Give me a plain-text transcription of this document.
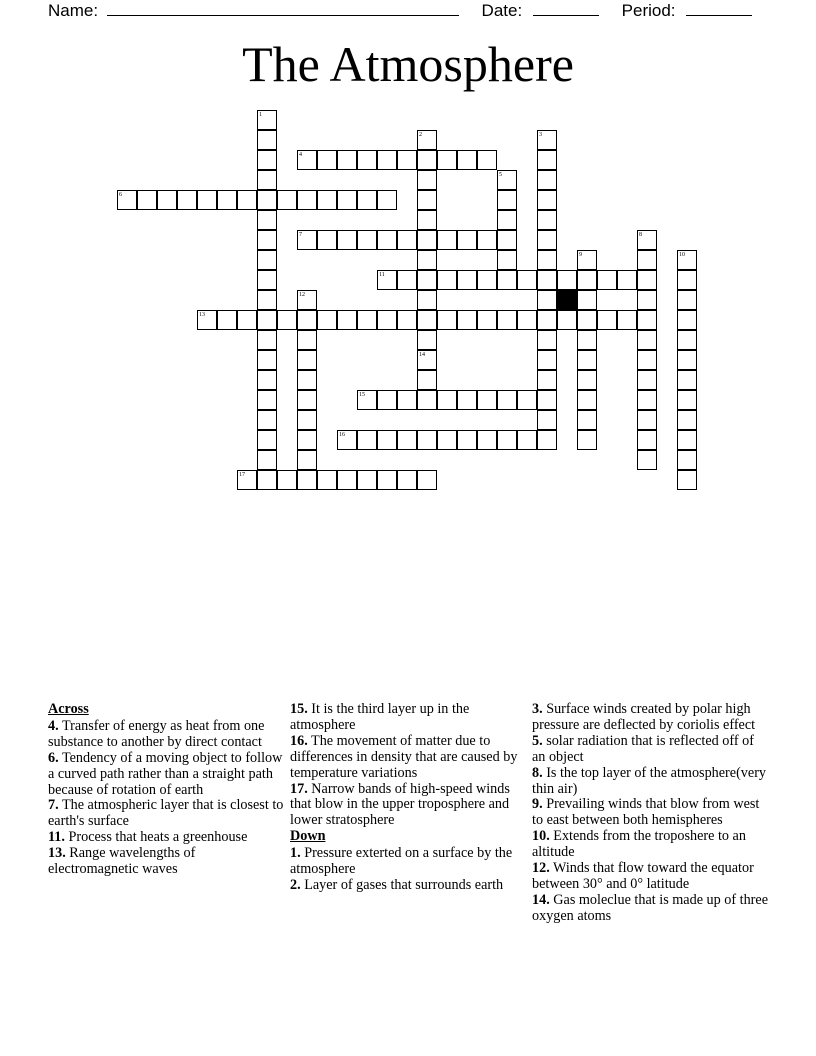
Name:	Date:	Period:
The Atmosphere
1
2
14
3
4
5
6
7	8
9	10
11
12
13
15
16
17
Across
4. Transfer of energy as heat from one substance to another by direct contact
6. Tendency of a moving object to follow a curved path rather than a straight path because of rotation of earth
7. The atmospheric layer that is closest to earth's surface
11. Process that heats a greenhouse
13. Range wavelengths of electromagnetic waves
15. It is the third layer up in the atmosphere
16. The movement of matter due to differences in density that are caused by temperature variations
17. Narrow bands of high-speed winds that blow in the upper troposphere and lower stratosphere
Down
1. Pressure exterted on a surface by the atmosphere
2. Layer of gases that surrounds earth
3. Surface winds created by polar high pressure are deflected by coriolis effect
5. solar radiation that is reflected off of an object
8. Is the top layer of the atmosphere(very thin air)
9. Prevailing winds that blow from west to east between both hemispheres
10. Extends from the troposhere to an altitude
12. Winds that flow toward the equator between 30° and 0° latitude
14. Gas moleclue that is made up of three oxygen atoms
